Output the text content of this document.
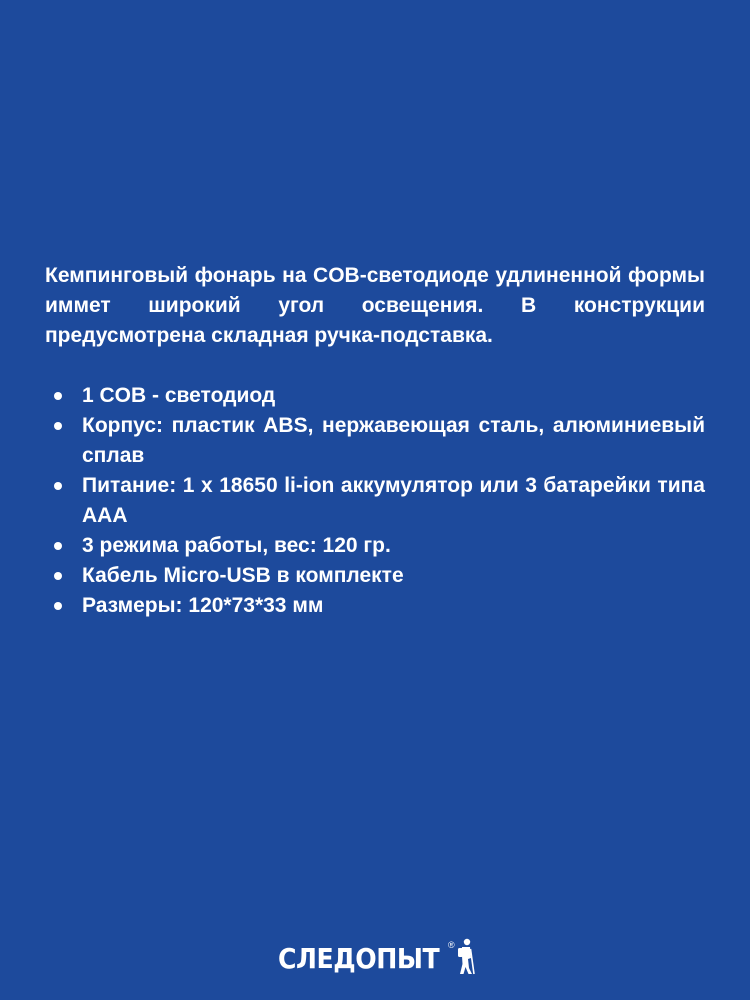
Кемпинговый фонарь на COB-светодиоде удлиненной формы иммет широкий угол освещения. В конструкции предусмотрена складная ручка-подставка.

1 COB - светодиод
Корпус: пластик ABS, нержавеющая сталь, алюминиевый сплав
Питание: 1 x 18650 li-ion аккумулятор или 3 батарейки типа AAA
3 режима работы, вес: 120 гр.
Кабель Micro-USB в комплекте
Размеры: 120*73*33 мм
СЛЕДОПЫТ ®
